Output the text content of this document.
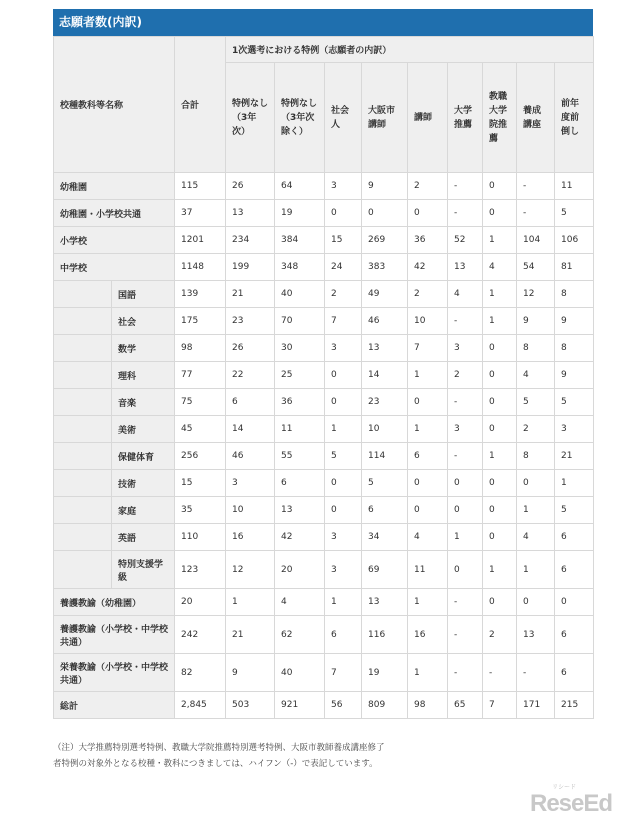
志願者数(内訳)
校種教科等名称		合計	1次選考における特例（志願者の内訳）								
			特例なし（3年次）	特例なし（3年次除く）	社会人	大阪市講師	講師	大学推薦	教職大学院推薦	養成講座	前年度前倒し
幼稚園		115	26	64	3	9	2	-	0	-	11
幼稚園・小学校共通		37	13	19	0	0	0	-	0	-	5
小学校		1201	234	384	15	269	36	52	1	104	106
中学校		1148	199	348	24	383	42	13	4	54	81
	国語	139	21	40	2	49	2	4	1	12	8
	社会	175	23	70	7	46	10	-	1	9	9
	数学	98	26	30	3	13	7	3	0	8	8
	理科	77	22	25	0	14	1	2	0	4	9
	音楽	75	6	36	0	23	0	-	0	5	5
	美術	45	14	11	1	10	1	3	0	2	3
	保健体育	256	46	55	5	114	6	-	1	8	21
	技術	15	3	6	0	5	0	0	0	0	1
	家庭	35	10	13	0	6	0	0	0	1	5
	英語	110	16	42	3	34	4	1	0	4	6
	特別支援学級	123	12	20	3	69	11	0	1	1	6
養護教諭（幼稚園）		20	1	4	1	13	1	-	0	0	0
養護教諭（小学校・中学校共通）		242	21	62	6	116	16	-	2	13	6
栄養教諭（小学校・中学校共通）		82	9	40	7	19	1	-	-	-	6
総計		2,845	503	921	56	809	98	65	7	171	215

（注）大学推薦特別選考特例、教職大学院推薦特別選考特例、大阪市教師養成講座修了

者特例の対象外となる校種・教科につきましては、ハイフン（-）で表記しています。

リシード
ReseEd
